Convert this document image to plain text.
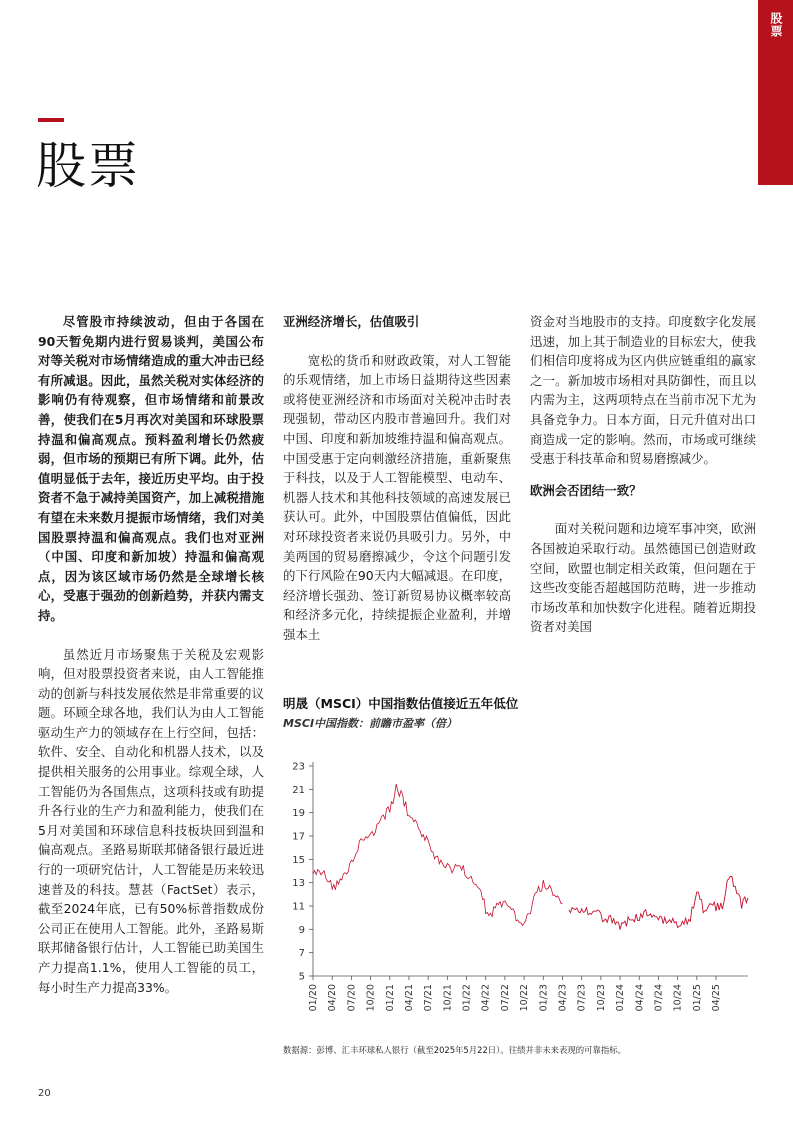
股票
股票

尽管股市持续波动，但由于各国在90天暂免期内进行贸易谈判，美国公布对等关税对市场情绪造成的重大冲击已经有所减退。因此，虽然关税对实体经济的影响仍有待观察，但市场情绪和前景改善，使我们在5月再次对美国和环球股票持温和偏高观点。预料盈利增长仍然疲弱，但市场的预期已有所下调。此外，估值明显低于去年，接近历史平均。由于投资者不急于减持美国资产，加上减税措施有望在未来数月提振市场情绪，我们对美国股票持温和偏高观点。我们也对亚洲（中国、印度和新加坡）持温和偏高观点，因为该区域市场仍然是全球增长核心，受惠于强劲的创新趋势，并获内需支持。

虽然近月市场聚焦于关税及宏观影响，但对股票投资者来说，由人工智能推动的创新与科技发展依然是非常重要的议题。环顾全球各地，我们认为由人工智能驱动生产力的领域存在上行空间，包括：软件、安全、自动化和机器人技术，以及提供相关服务的公用事业。综观全球，人工智能仍为各国焦点，这项科技或有助提升各行业的生产力和盈利能力，使我们在5月对美国和环球信息科技板块回到温和偏高观点。圣路易斯联邦储备银行最近进行的一项研究估计，人工智能是历来较迅速普及的科技。慧甚（FactSet）表示，截至2024年底，已有50%标普指数成份公司正在使用人工智能。此外，圣路易斯联邦储备银行估计，人工智能已助美国生产力提高1.1%，使用人工智能的员工，每小时生产力提高33%。

亚洲经济增长，估值吸引

宽松的货币和财政政策，对人工智能的乐观情绪，加上市场日益期待这些因素或将使亚洲经济和市场面对关税冲击时表现强韧，带动区内股市普遍回升。我们对中国、印度和新加坡维持温和偏高观点。中国受惠于定向刺激经济措施，重新聚焦于科技，以及于人工智能模型、电动车、机器人技术和其他科技领域的高速发展已获认可。此外，中国股票估值偏低，因此对环球投资者来说仍具吸引力。另外，中美两国的贸易磨擦减少，令这个问题引发的下行风险在90天内大幅减退。在印度，经济增长强劲、签订新贸易协议概率较高和经济多元化，持续提振企业盈利，并增强本土

资金对当地股市的支持。印度数字化发展迅速，加上其于制造业的目标宏大，使我们相信印度将成为区内供应链重组的赢家之一。新加坡市场相对具防御性，而且以内需为主，这两项特点在当前市况下尤为具备竞争力。日本方面，日元升值对出口商造成一定的影响。然而，市场或可继续受惠于科技革命和贸易磨擦减少。

欧洲会否团结一致？

面对关税问题和边境军事冲突，欧洲各国被迫采取行动。虽然德国已创造财政空间，欧盟也制定相关政策，但问题在于这些改变能否超越国防范畴，进一步推动市场改革和加快数字化进程。随着近期投资者对美国

明晟（MSCI）中国指数估值接近五年低位
MSCI中国指数：前瞻市盈率（倍）
5
7
9
11
13
15
17
19
21
23
01/20 04/20 07/20 10/20 01/21 04/21 07/21 10/21 01/22 04/22 07/22 10/22 01/23 04/23 07/23 10/23 01/24 04/24 07/24 10/24 01/25 04/25
数据源：彭博、汇丰环球私人银行（截至2025年5月22日）。往绩并非未来表现的可靠指标。
20
